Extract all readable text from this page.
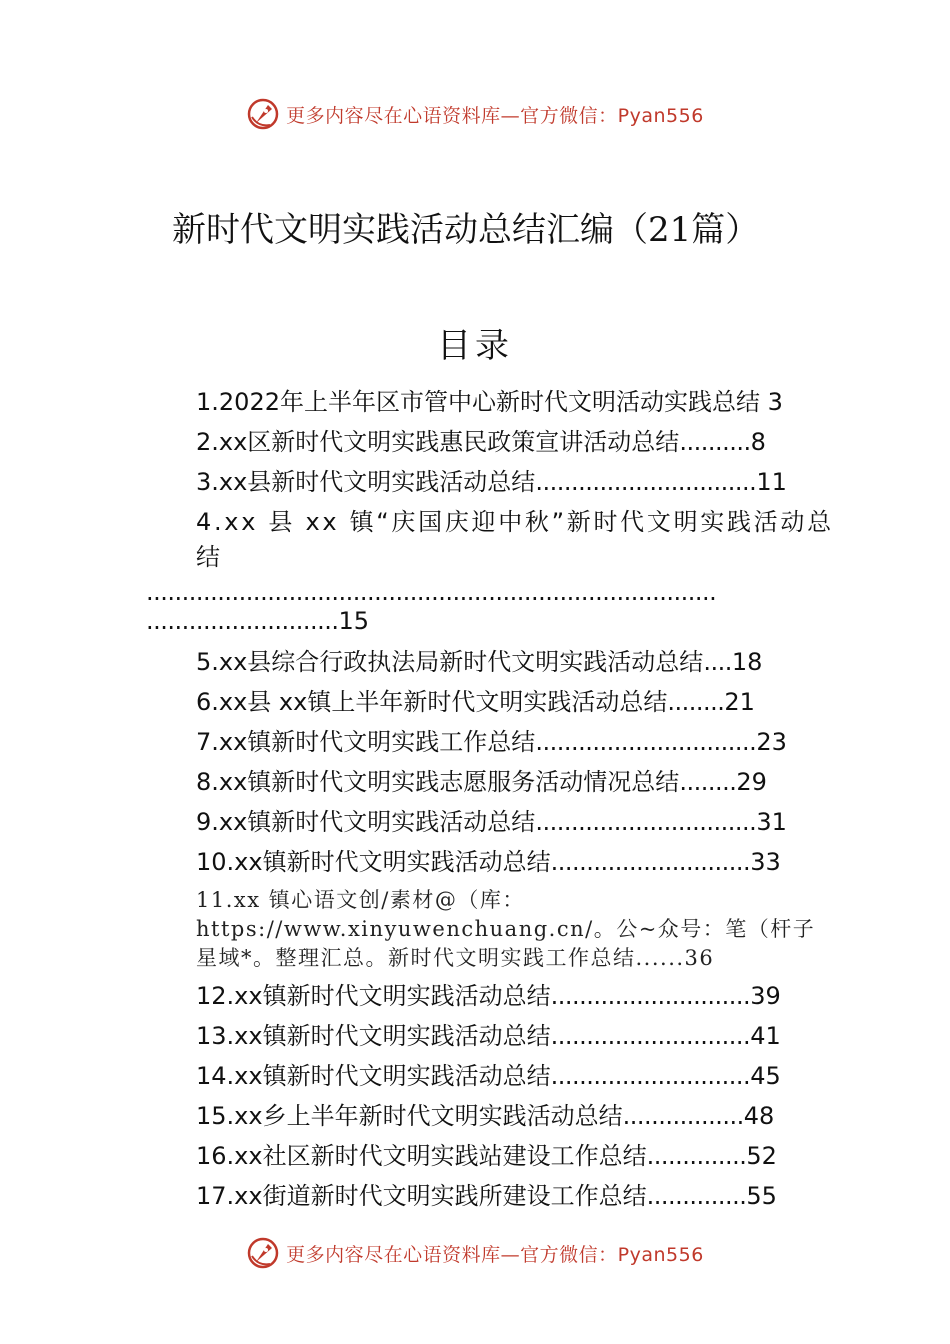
更多内容尽在心语资料库—官方微信：Pyan556
新时代文明实践活动总结汇编（21篇）
目录
1.2022年上半年区市管中心新时代文明活动实践总结 3
2.xx区新时代文明实践惠民政策宣讲活动总结..........8
3.xx县新时代文明实践活动总结...............................11
4.xx 县 xx 镇“庆国庆迎中秋”新时代文明实践活动总
结
................................................................................
...........................15
5.xx县综合行政执法局新时代文明实践活动总结....18
6.xx县 xx镇上半年新时代文明实践活动总结........21
7.xx镇新时代文明实践工作总结...............................23
8.xx镇新时代文明实践志愿服务活动情况总结........29
9.xx镇新时代文明实践活动总结...............................31
10.xx镇新时代文明实践活动总结............................33
11.xx 镇心语文创/素材@（库：
https://www.xinyuwenchuang.cn/。公~众号：笔（杆子
星域*。整理汇总。新时代文明实践工作总结......36
12.xx镇新时代文明实践活动总结............................39
13.xx镇新时代文明实践活动总结............................41
14.xx镇新时代文明实践活动总结............................45
15.xx乡上半年新时代文明实践活动总结.................48
16.xx社区新时代文明实践站建设工作总结..............52
17.xx街道新时代文明实践所建设工作总结..............55
更多内容尽在心语资料库—官方微信：Pyan556
